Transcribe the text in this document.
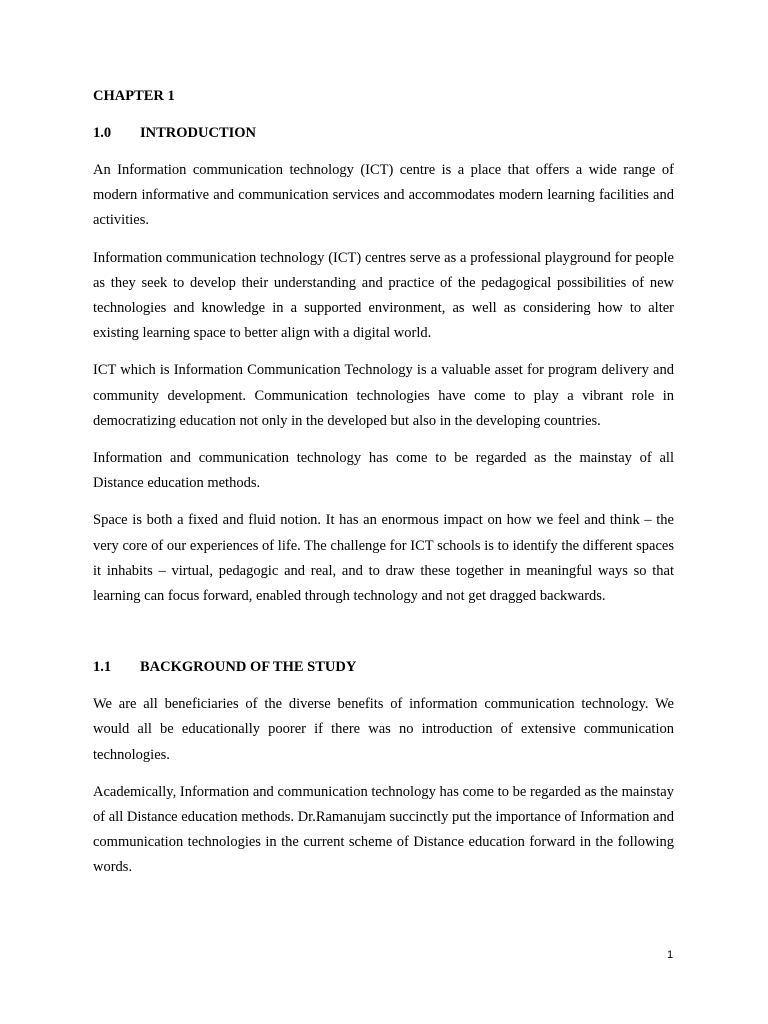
CHAPTER 1
1.0	INTRODUCTION

An Information communication technology (ICT) centre is a place that offers a wide range of modern informative and communication services and accommodates modern learning facilities and activities.

Information communication technology (ICT) centres serve as a professional playground for people as they seek to develop their understanding and practice of the pedagogical possibilities of new technologies and knowledge in a supported environment, as well as considering how to alter existing learning space to better align with a digital world.

ICT which is Information Communication Technology is a valuable asset for program delivery and community development. Communication technologies have come to play a vibrant role in democratizing education not only in the developed but also in the developing countries.

Information and communication technology has come to be regarded as the mainstay of all Distance education methods.

Space is both a fixed and fluid notion. It has an enormous impact on how we feel and think – the very core of our experiences of life. The challenge for ICT schools is to identify the different spaces it inhabits – virtual, pedagogic and real, and to draw these together in meaningful ways so that learning can focus forward, enabled through technology and not get dragged backwards.

1.1	BACKGROUND OF THE STUDY

We are all beneficiaries of the diverse benefits of information communication technology. We would all be educationally poorer if there was no introduction of extensive communication technologies.

Academically, Information and communication technology has come to be regarded as the mainstay of all Distance education methods. Dr.Ramanujam succinctly put the importance of Information and communication technologies in the current scheme of Distance education forward in the following words.

1
